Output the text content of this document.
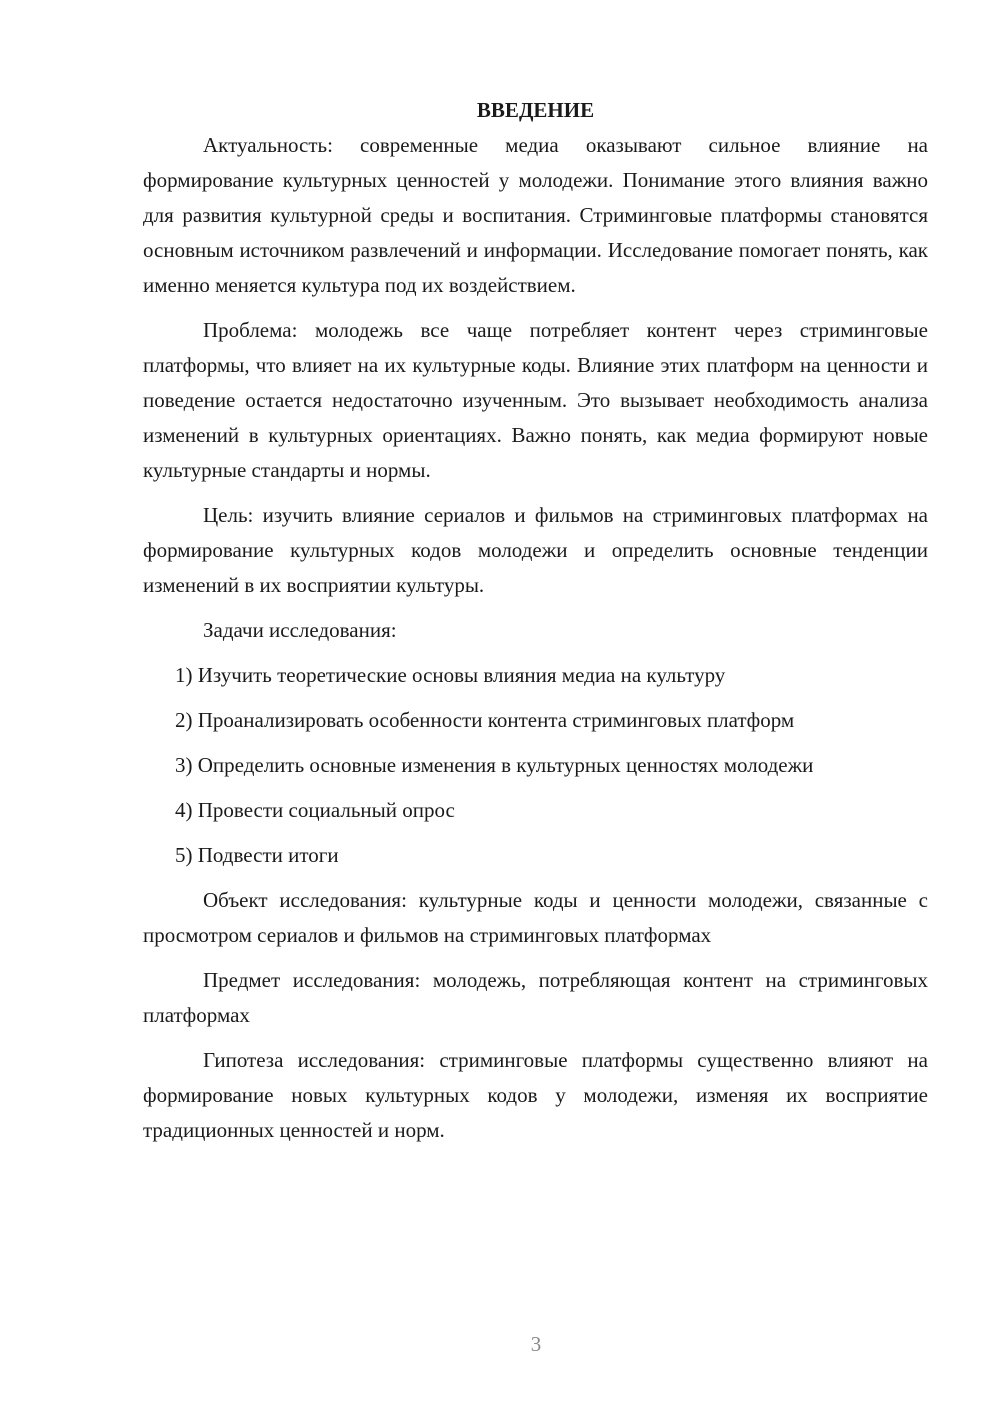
ВВЕДЕНИЕ

Актуальность: современные медиа оказывают сильное влияние на формирование культурных ценностей у молодежи. Понимание этого влияния важно для развития культурной среды и воспитания. Стриминговые платформы становятся основным источником развлечений и информации. Исследование помогает понять, как именно меняется культура под их воздействием.

Проблема: молодежь все чаще потребляет контент через стриминговые платформы, что влияет на их культурные коды. Влияние этих платформ на ценности и поведение остается недостаточно изученным. Это вызывает необходимость анализа изменений в культурных ориентациях. Важно понять, как медиа формируют новые культурные стандарты и нормы.

Цель: изучить влияние сериалов и фильмов на стриминговых платформах на формирование культурных кодов молодежи и определить основные тенденции изменений в их восприятии культуры.

Задачи исследования:

1) Изучить теоретические основы влияния медиа на культуру
2) Проанализировать особенности контента стриминговых платформ
3) Определить основные изменения в культурных ценностях молодежи
4) Провести социальный опрос
5) Подвести итоги

Объект исследования: культурные коды и ценности молодежи, связанные с просмотром сериалов и фильмов на стриминговых платформах

Предмет исследования: молодежь, потребляющая контент на стриминговых платформах

Гипотеза исследования: стриминговые платформы существенно влияют на формирование новых культурных кодов у молодежи, изменяя их восприятие традиционных ценностей и норм.

3
